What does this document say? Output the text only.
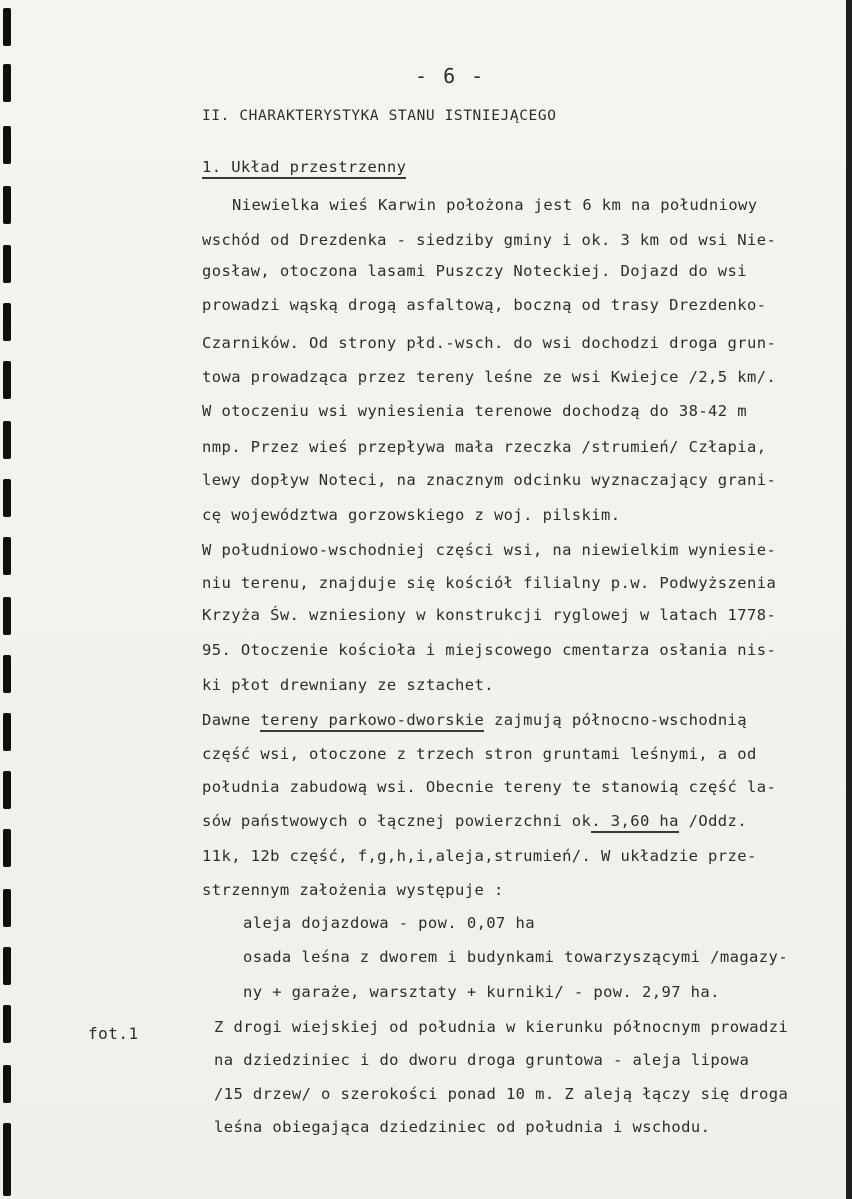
- 6 -
II. CHARAKTERYSTYKA STANU ISTNIEJĄCEGO
1. Układ przestrzenny
fot.1
Niewielka wieś Karwin położona jest 6 km na południowy
wschód od Drezdenka - siedziby gminy i ok. 3 km od wsi Nie-
gosław, otoczona lasami Puszczy Noteckiej. Dojazd do wsi
prowadzi wąską drogą asfaltową, boczną od trasy Drezdenko-
Czarników. Od strony płd.-wsch. do wsi dochodzi droga grun-
towa prowadząca przez tereny leśne ze wsi Kwiejce /2,5 km/.
W otoczeniu wsi wyniesienia terenowe dochodzą do 38-42 m
nmp. Przez wieś przepływa mała rzeczka /strumień/ Człapia,
lewy dopływ Noteci, na znacznym odcinku wyznaczający grani-
cę województwa gorzowskiego z woj. pilskim.
W południowo-wschodniej części wsi, na niewielkim wyniesie-
niu terenu, znajduje się kościół filialny p.w. Podwyższenia
Krzyża Św. wzniesiony w konstrukcji ryglowej w latach 1778-
95. Otoczenie kościoła i miejscowego cmentarza osłania nis-
ki płot drewniany ze sztachet.
Dawne tereny parkowo-dworskie zajmują północno-wschodnią
część wsi, otoczone z trzech stron gruntami leśnymi, a od
południa zabudową wsi. Obecnie tereny te stanowią część la-
sów państwowych o łącznej powierzchni ok. 3,60 ha /Oddz.
11k, 12b część, f,g,h,i,aleja,strumień/. W układzie prze-
strzennym założenia występuje :
aleja dojazdowa - pow. 0,07 ha
osada leśna z dworem i budynkami towarzyszącymi /magazy-
ny + garaże, warsztaty + kurniki/ - pow. 2,97 ha.
Z drogi wiejskiej od południa w kierunku północnym prowadzi
na dziedziniec i do dworu droga gruntowa - aleja lipowa
/15 drzew/ o szerokości ponad 10 m. Z aleją łączy się droga
leśna obiegająca dziedziniec od południa i wschodu.
